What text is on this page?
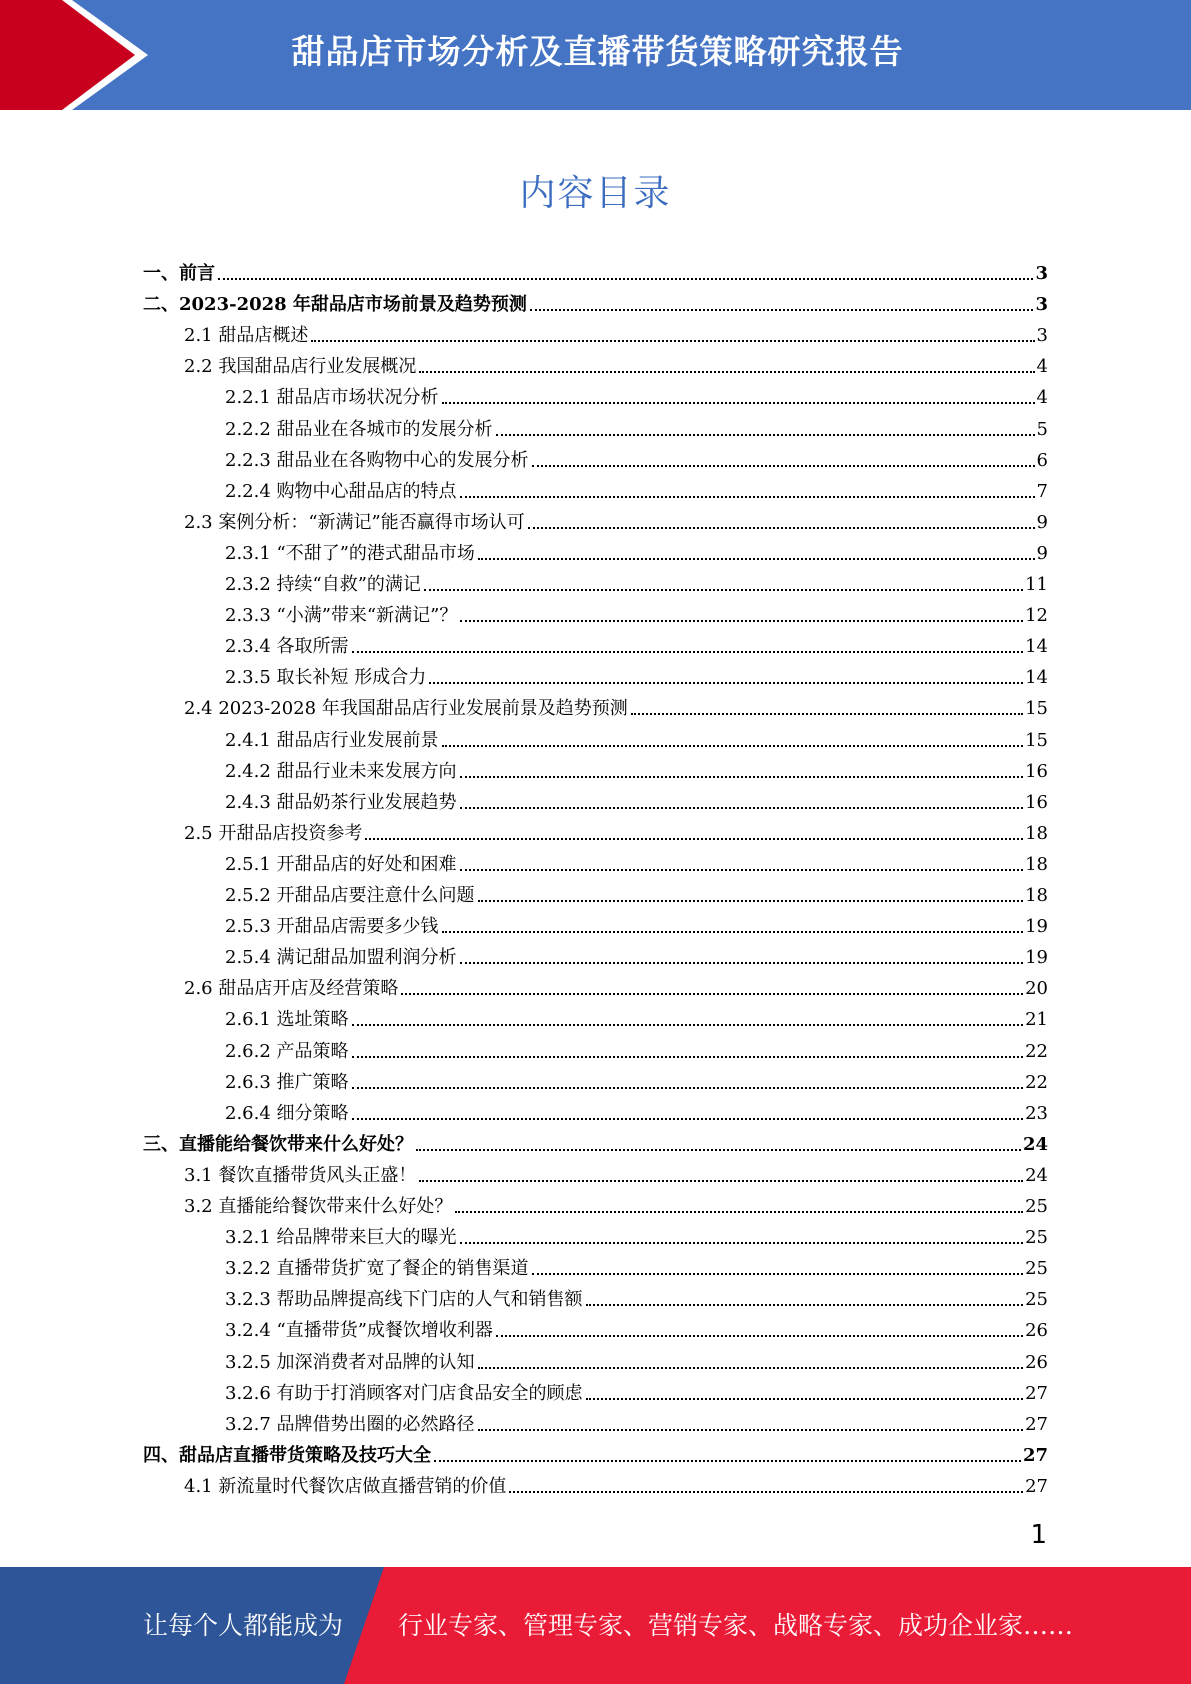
甜品店市场分析及直播带货策略研究报告
内容目录
一、前言	3
二、2023-2028 年甜品店市场前景及趋势预测	3
2.1 甜品店概述	3
2.2 我国甜品店行业发展概况	4
2.2.1 甜品店市场状况分析	4
2.2.2 甜品业在各城市的发展分析	5
2.2.3 甜品业在各购物中心的发展分析	6
2.2.4 购物中心甜品店的特点	7
2.3 案例分析：“新满记”能否赢得市场认可	9
2.3.1 “不甜了”的港式甜品市场	9
2.3.2 持续“自救”的满记	11
2.3.3 “小满”带来“新满记”？	12
2.3.4 各取所需	14
2.3.5 取长补短 形成合力	14
2.4 2023-2028 年我国甜品店行业发展前景及趋势预测	15
2.4.1 甜品店行业发展前景	15
2.4.2 甜品行业未来发展方向	16
2.4.3 甜品奶茶行业发展趋势	16
2.5 开甜品店投资参考	18
2.5.1 开甜品店的好处和困难	18
2.5.2 开甜品店要注意什么问题	18
2.5.3 开甜品店需要多少钱	19
2.5.4 满记甜品加盟利润分析	19
2.6 甜品店开店及经营策略	20
2.6.1 选址策略	21
2.6.2 产品策略	22
2.6.3 推广策略	22
2.6.4 细分策略	23
三、直播能给餐饮带来什么好处？	24
3.1 餐饮直播带货风头正盛！	24
3.2 直播能给餐饮带来什么好处？	25
3.2.1 给品牌带来巨大的曝光	25
3.2.2 直播带货扩宽了餐企的销售渠道	25
3.2.3 帮助品牌提高线下门店的人气和销售额	25
3.2.4 “直播带货”成餐饮增收利器	26
3.2.5 加深消费者对品牌的认知	26
3.2.6 有助于打消顾客对门店食品安全的顾虑	27
3.2.7 品牌借势出圈的必然路径	27
四、甜品店直播带货策略及技巧大全	27
4.1 新流量时代餐饮店做直播营销的价值	27
1
让每个人都能成为 行业专家、管理专家、营销专家、战略专家、成功企业家……
